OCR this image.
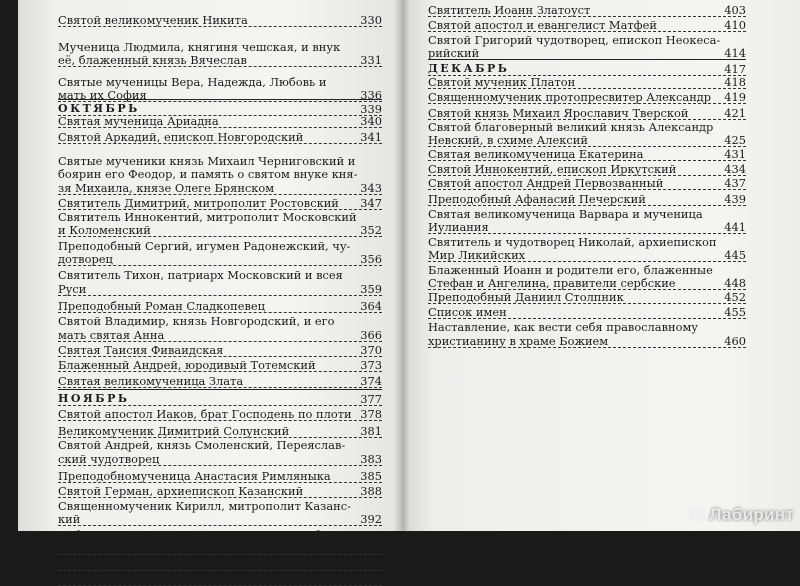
Святой великомученик Никита	330
Мученица Людмила, княгиня чешская, и внук
её, блаженный князь Вячеслав	331
Святые мученицы Вера, Надежда, Любовь и
мать их София	336
ОКТЯБРЬ	339
Святая мученица Ариадна	340
Святой Аркадий, епископ Новгородский	341
Святые мученики князь Михаил Черниговский и
боярин его Феодор, и память о святом внуке кня-
зя Михаила, князе Олеге Брянском	343
Святитель Димитрий, митрополит Ростовский 347
Святитель Иннокентий, митрополит Московский
и Коломенский	352
Преподобный Сергий, игумен Радонежский, чу-
дотворец	356
Святитель Тихон, патриарх Московский и всея
Руси	359
Преподобный Роман Сладкопевец	364
Святой Владимир, князь Новгородский, и его
мать святая Анна	366
Святая Таисия Фиваидская	370
Блаженный Андрей, юродивый Тотемский	373
Святая великомученица Злата	374
НОЯБРЬ	377
Святой апостол Иаков, брат Господень по плоти 378
Великомученик Димитрий Солунский	381
Святой Андрей, князь Смоленский, Переяслав-
ский чудотворец	383
Преподобномученица Анастасия Римляныка	385
Святой Герман, архиепископ Казанский	388
Священномученик Кирилл, митрополит Казанс-
кий	392
Собор архистратига Михаила и прочих небесных
сил бесплотных	394
Святые мученики Виктор и Стефанида	395
Святой мученик Викентий диакон	400
Святитель Иоанн Златоуст	403
Святой апостол и евангелист Матфей	410
Святой Григорий чудотворец, епископ Неокеса-
рийский	414
ДЕКАБРЬ	417
Святой мученик Платон	418
Священномученик протопресвитер Александр 419
Святой князь Михаил Ярославич Тверской	421
Святой благоверный великий князь Александр
Невский, в схиме Алексий	425
Святая великомученица Екатерина	431
Святой Иннокентий, епископ Иркутский	434
Святой апостол Андрей Первозванный	437
Преподобный Афанасий Печерский	439
Святая великомученица Варвара и мученица
Иулиания	441
Святитель и чудотворец Николай, архиепископ
Мир Ликийских	445
Блаженный Иоанн и родители его, блаженные
Стефан и Ангелина, правители сербские	448
Преподобный Даниил Столпник	452
Список имен	455
Наставление, как вести себя православному
христианину в храме Божием	460
Лабиринт
